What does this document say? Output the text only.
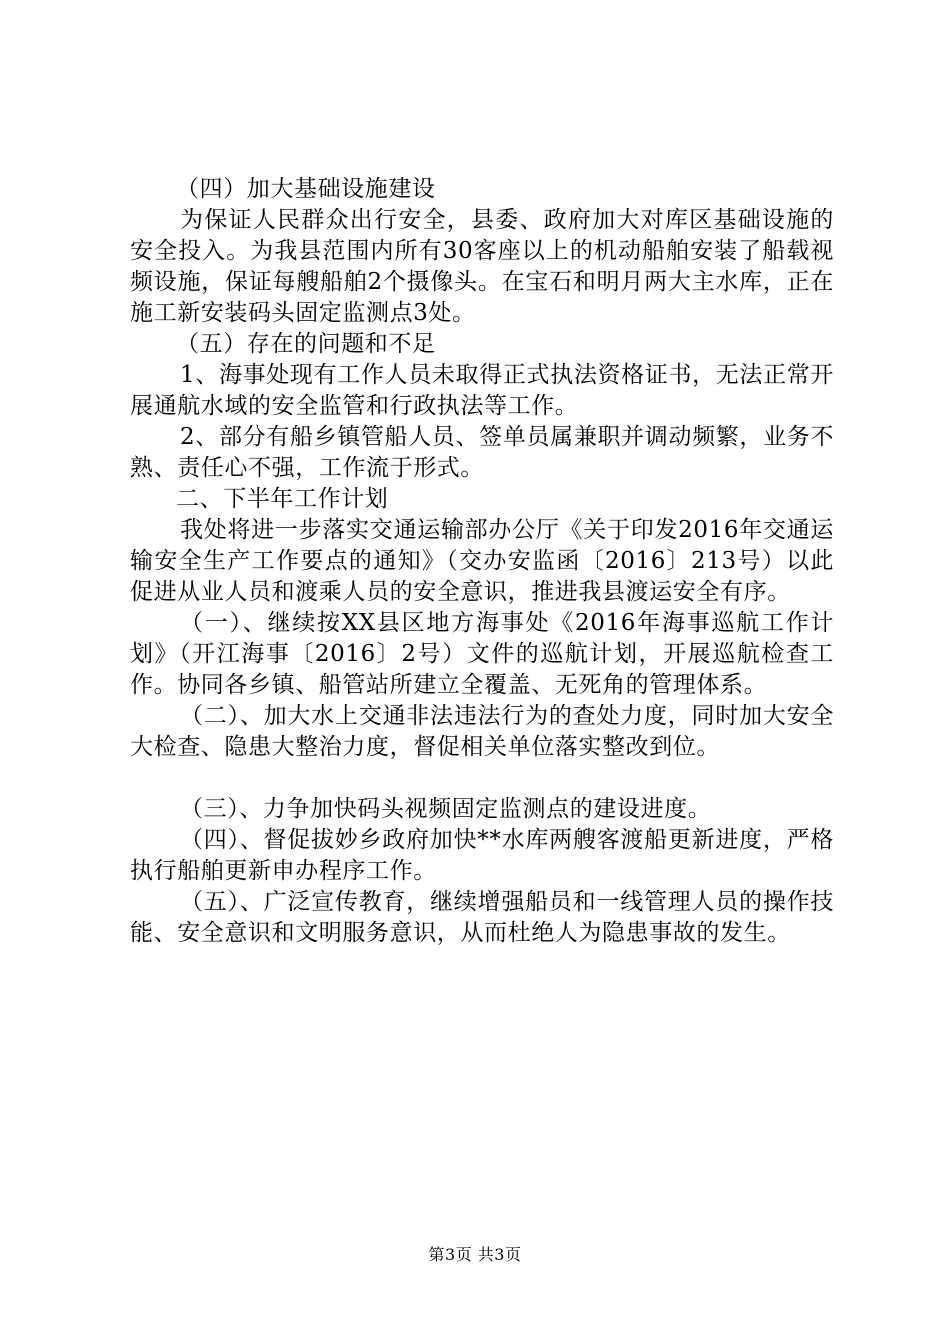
（四）加大基础设施建设

为保证人民群众出行安全，县委、政府加大对库区基础设施的安全投入。为我县范围内所有30客座以上的机动船舶安装了船载视频设施，保证每艘船舶2个摄像头。在宝石和明月两大主水库，正在施工新安装码头固定监测点3处。

（五）存在的问题和不足

1、海事处现有工作人员未取得正式执法资格证书，无法正常开展通航水域的安全监管和行政执法等工作。

2、部分有船乡镇管船人员、签单员属兼职并调动频繁，业务不熟、责任心不强，工作流于形式。

二、下半年工作计划

我处将进一步落实交通运输部办公厅《关于印发2016年交通运输安全生产工作要点的通知》（交办安监函〔2016〕213号）以此促进从业人员和渡乘人员的安全意识，推进我县渡运安全有序。

（一）、继续按XX县区地方海事处《2016年海事巡航工作计划》（开江海事〔2016〕2号）文件的巡航计划，开展巡航检查工作。协同各乡镇、船管站所建立全覆盖、无死角的管理体系。

（二）、加大水上交通非法违法行为的查处力度，同时加大安全大检查、隐患大整治力度，督促相关单位落实整改到位。

（三）、力争加快码头视频固定监测点的建设进度。

（四）、督促拔妙乡政府加快**水库两艘客渡船更新进度，严格执行船舶更新申办程序工作。

（五）、广泛宣传教育，继续增强船员和一线管理人员的操作技能、安全意识和文明服务意识，从而杜绝人为隐患事故的发生。

第3页 共3页
